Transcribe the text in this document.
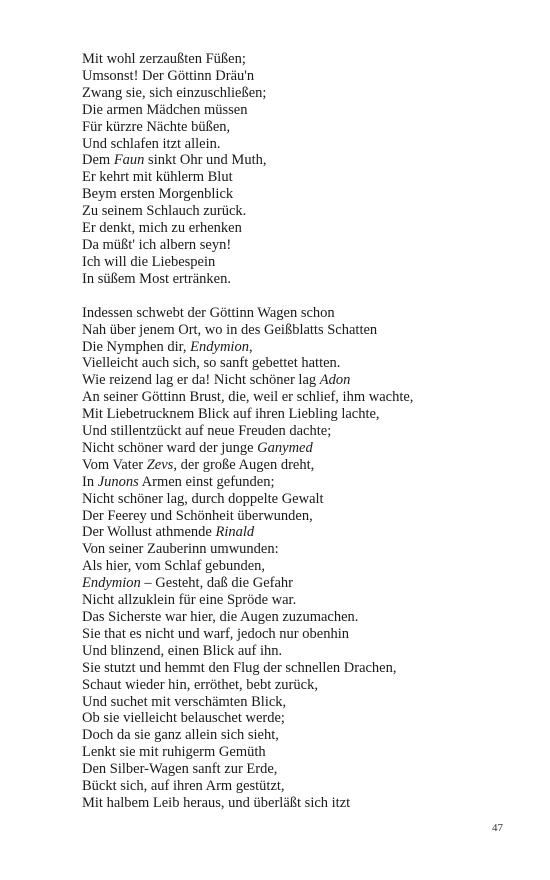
Mit wohl zerzaußten Füßen;
Umsonst! Der Göttinn Dräu'n
Zwang sie, sich einzuschließen;
Die armen Mädchen müssen
Für kürzre Nächte büßen,
Und schlafen itzt allein.
Dem Faun sinkt Ohr und Muth,
Er kehrt mit kühlerm Blut
Beym ersten Morgenblick
Zu seinem Schlauch zurück.
Er denkt, mich zu erhenken
Da müßt' ich albern seyn!
Ich will die Liebespein
In süßem Most ertränken.
Indessen schwebt der Göttinn Wagen schon
Nah über jenem Ort, wo in des Geißblatts Schatten
Die Nymphen dir, Endymion,
Vielleicht auch sich, so sanft gebettet hatten.
Wie reizend lag er da! Nicht schöner lag Adon
An seiner Göttinn Brust, die, weil er schlief, ihm wachte,
Mit Liebetrucknem Blick auf ihren Liebling lachte,
Und stillentzückt auf neue Freuden dachte;
Nicht schöner ward der junge Ganymed
Vom Vater Zevs, der große Augen dreht,
In Junons Armen einst gefunden;
Nicht schöner lag, durch doppelte Gewalt
Der Feerey und Schönheit überwunden,
Der Wollust athmende Rinald
Von seiner Zauberinn umwunden:
Als hier, vom Schlaf gebunden,
Endymion – Gesteht, daß die Gefahr
Nicht allzuklein für eine Spröde war.
Das Sicherste war hier, die Augen zuzumachen.
Sie that es nicht und warf, jedoch nur obenhin
Und blinzend, einen Blick auf ihn.
Sie stutzt und hemmt den Flug der schnellen Drachen,
Schaut wieder hin, erröthet, bebt zurück,
Und suchet mit verschämten Blick,
Ob sie vielleicht belauschet werde;
Doch da sie ganz allein sich sieht,
Lenkt sie mit ruhigerm Gemüth
Den Silber-Wagen sanft zur Erde,
Bückt sich, auf ihren Arm gestützt,
Mit halbem Leib heraus, und überläßt sich itzt
47
